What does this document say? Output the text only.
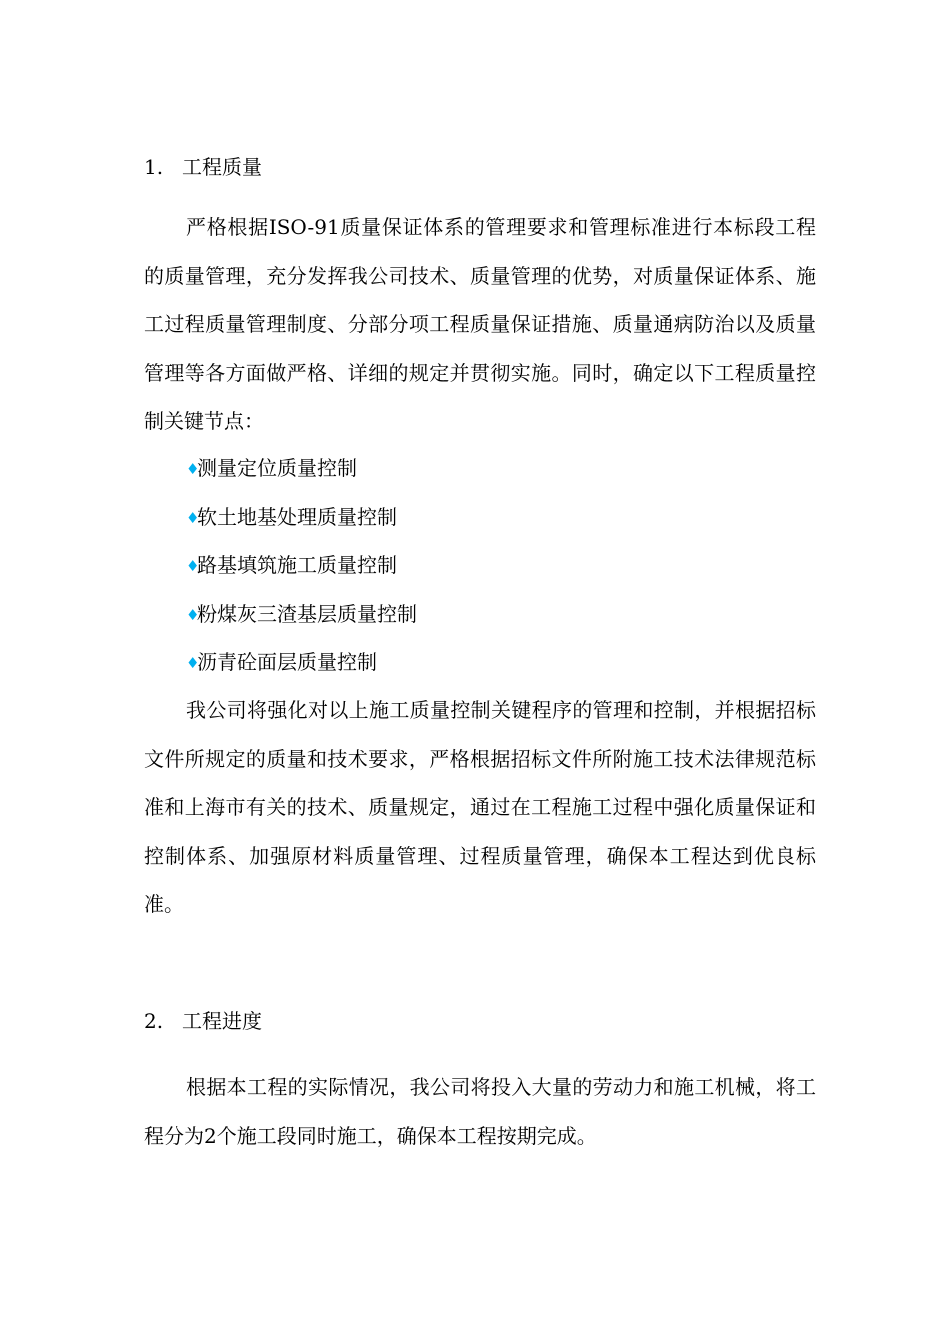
1. 工程质量

严格根据ISO-91质量保证体系的管理要求和管理标准进行本标段工程的质量管理，充分发挥我公司技术、质量管理的优势，对质量保证体系、施工过程质量管理制度、分部分项工程质量保证措施、质量通病防治以及质量管理等各方面做严格、详细的规定并贯彻实施。同时，确定以下工程质量控制关键节点：

♦测量定位质量控制
♦软土地基处理质量控制
♦路基填筑施工质量控制
♦粉煤灰三渣基层质量控制
♦沥青砼面层质量控制

我公司将强化对以上施工质量控制关键程序的管理和控制，并根据招标文件所规定的质量和技术要求，严格根据招标文件所附施工技术法律规范标准和上海市有关的技术、质量规定，通过在工程施工过程中强化质量保证和控制体系、加强原材料质量管理、过程质量管理，确保本工程达到优良标准。

2. 工程进度

根据本工程的实际情况，我公司将投入大量的劳动力和施工机械，将工程分为2个施工段同时施工，确保本工程按期完成。
